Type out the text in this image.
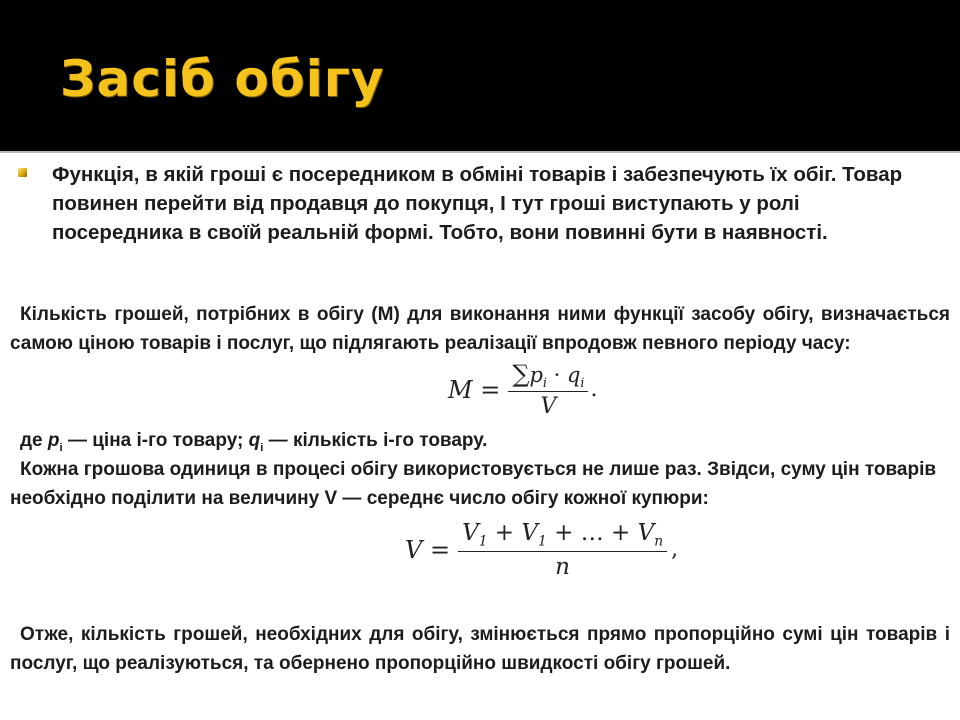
Засіб обігу

Функція, в якій гроші є посередником в обміні товарів і забезпечують їх обіг. Товар повинен перейти від продавця до покупця, І тут гроші виступають у ролі посередника в своїй реальній формі. Тобто, вони повинні бути в наявності.

Кількість грошей, потрібних в обігу (М) для виконання ними функції засобу обігу, визначається самою ціною товарів і послуг, що підлягають реалізації впродовж певного періоду часу:

$M = \frac{\sum p_i \cdot q_i}{V}$ .

де $p_i$ — ціна і-го товару; $q_i$ — кількість і-го товару.

Кожна грошова одиниця в процесі обігу використовується не лише раз. Звідси, суму цін товарів необхідно поділити на величину V — середнє число обігу кожної купюри:

$V = \frac{V_1 + V_1 + \dots + V_n}{n}$ ,

Отже, кількість грошей, необхідних для обігу, змінюється прямо пропорційно сумі цін товарів і послуг, що реалізуються, та обернено пропорційно швидкості обігу грошей.
